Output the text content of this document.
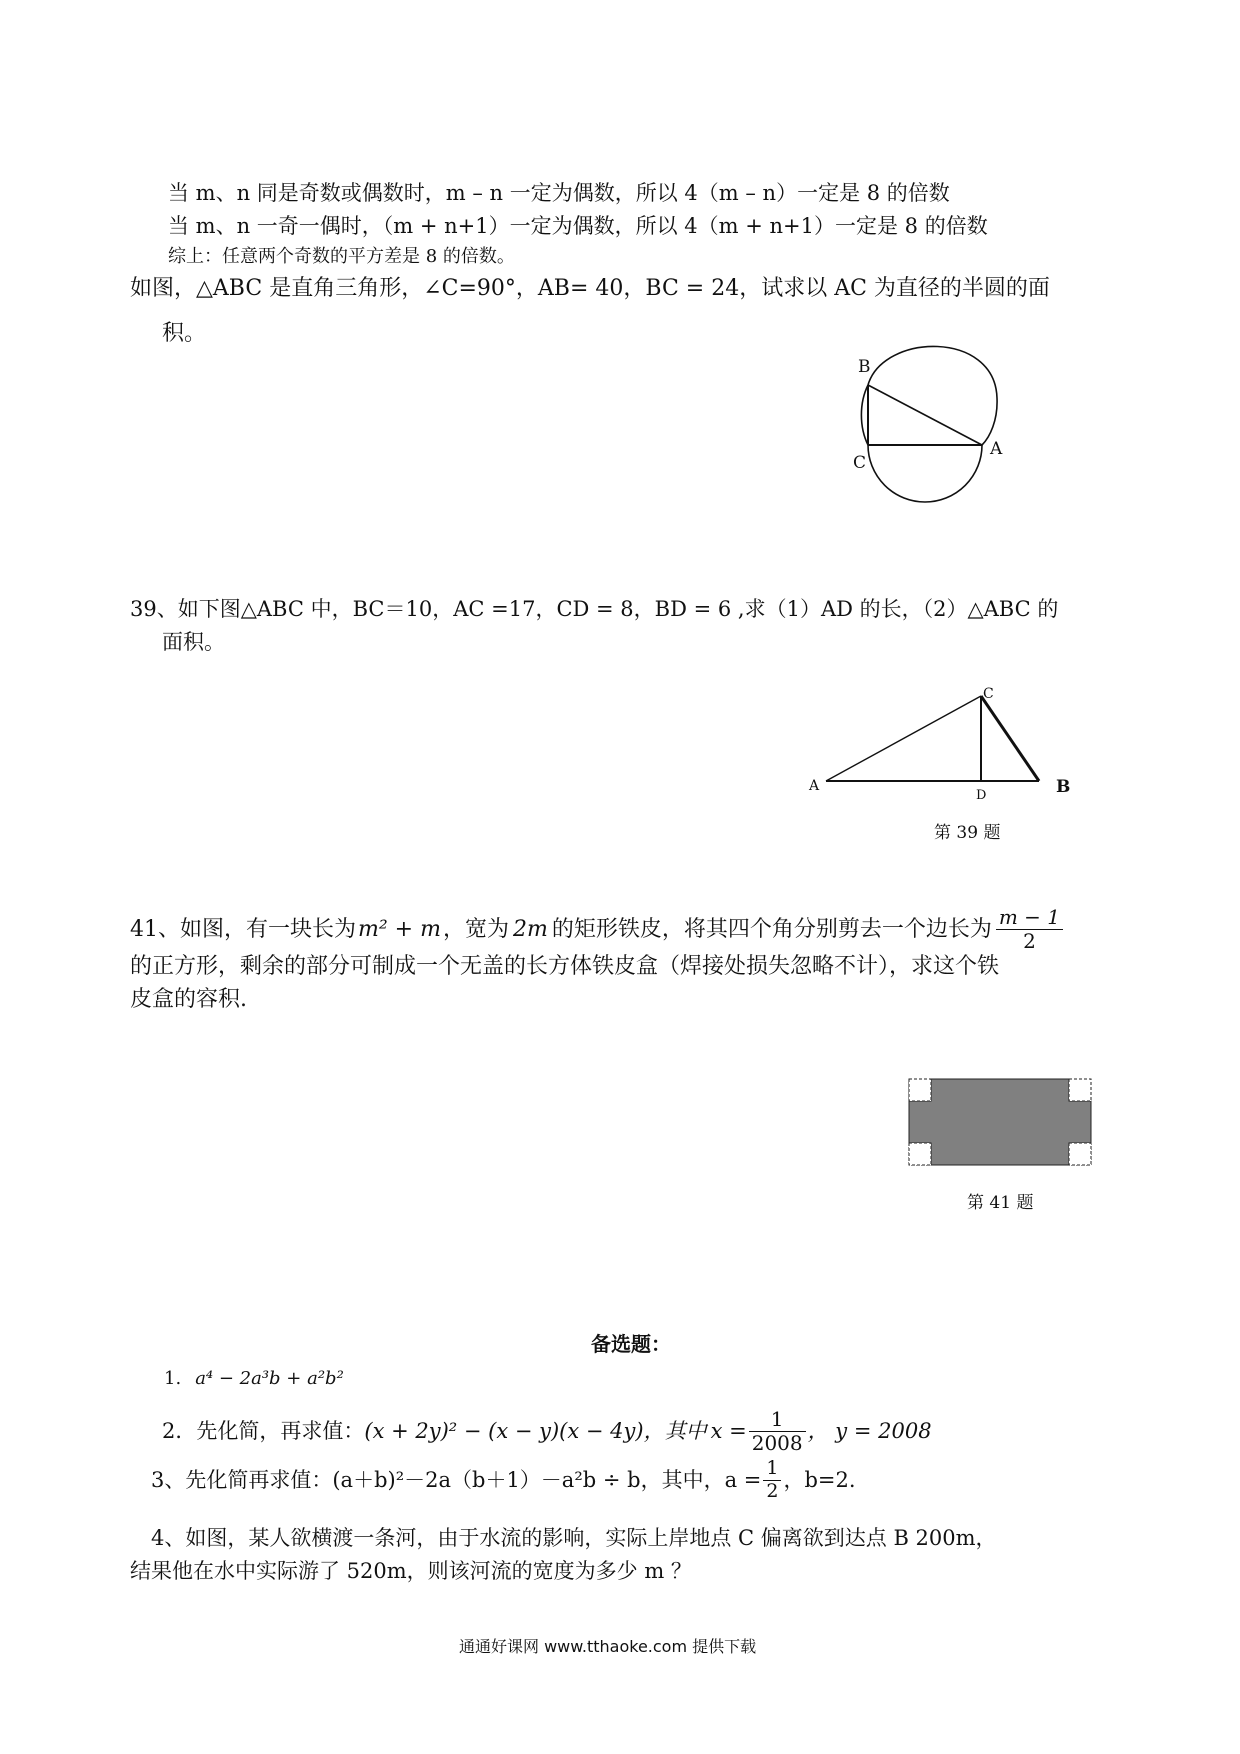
当 m、n 同是奇数或偶数时，m – n 一定为偶数，所以 4（m – n）一定是 8 的倍数
当 m、n 一奇一偶时，（m + n+1）一定为偶数，所以 4（m + n+1）一定是 8 的倍数
综上：任意两个奇数的平方差是 8 的倍数。
如图，△ABC 是直角三角形，∠C=90°，AB= 40，BC = 24，试求以 AC 为直径的半圆的面
积。
B
C
A
39、如下图△ABC 中，BC＝10，AC =17，CD = 8，BD = 6 ,求（1）AD 的长，（2）△ABC 的
面积。
A
C
D	B
第 39 题
41、如图，有一块长为 m² + m ，宽为 2m 的矩形铁皮，将其四个角分别剪去一个边长为 $\frac{m - 1}{2}$
的正方形，剩余的部分可制成一个无盖的长方体铁皮盒（焊接处损失忽略不计），求这个铁
皮盒的容积.
第 41 题
备选题：
1. a⁴ − 2a³b + a²b²
2．先化简，再求值： (x + 2y)² − (x − y)(x − 4y)，其中 $x = \frac{1}{2008}$ ， y = 2008
3、先化简再求值：(a＋b)²－2a（b＋1）－a²b ÷ b，其中，$a = \frac{1}{2}$ ，b=2.
4、如图，某人欲横渡一条河，由于水流的影响，实际上岸地点 C 偏离欲到达点 B 200m，
结果他在水中实际游了 520m，则该河流的宽度为多少 m ？
通通好课网 www.tthaoke.com 提供下载
